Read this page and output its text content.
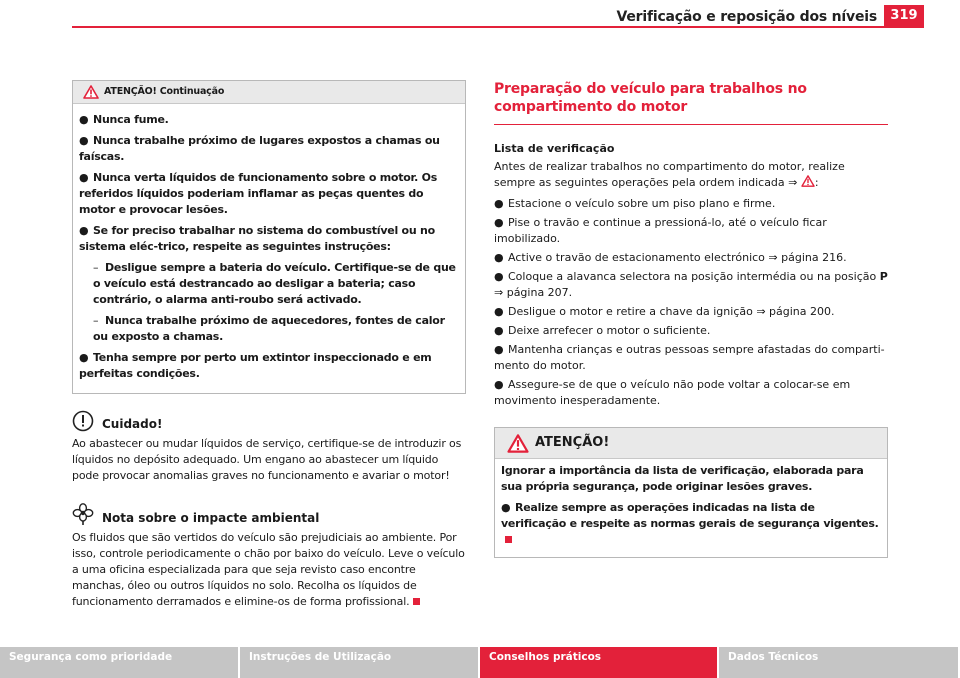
Verificação e reposição dos níveis	319
ATENÇÃO! Continuação

● Nunca fume.

● Nunca trabalhe próximo de lugares expostos a chamas ou faíscas.

● Nunca verta líquidos de funcionamento sobre o motor. Os referidos líquidos poderiam inflamar as peças quentes do motor e provocar lesões.

● Se for preciso trabalhar no sistema do combustível ou no sistema eléc-trico, respeite as seguintes instruções:

– Desligue sempre a bateria do veículo. Certifique-se de que o veículo está destrancado ao desligar a bateria; caso contrário, o alarma anti-roubo será activado.

– Nunca trabalhe próximo de aquecedores, fontes de calor ou exposto a chamas.

● Tenha sempre por perto um extintor inspeccionado e em perfeitas condições.

Cuidado!

Ao abastecer ou mudar líquidos de serviço, certifique-se de introduzir os líquidos no depósito adequado. Um engano ao abastecer um líquido pode provocar anomalias graves no funcionamento e avariar o motor!

Nota sobre o impacte ambiental

Os fluidos que são vertidos do veículo são prejudiciais ao ambiente. Por isso, controle periodicamente o chão por baixo do veículo. Leve o veículo a uma oficina especializada para que seja revisto caso encontre manchas, óleo ou outros líquidos no solo. Recolha os líquidos de funcionamento derramados e elimine-os de forma profissional.

Preparação do veículo para trabalhos no compartimento do motor
Lista de verificação

Antes de realizar trabalhos no compartimento do motor, realize sempre as seguintes operações pela ordem indicada ⇒ :

● Estacione o veículo sobre um piso plano e firme.

● Pise o travão e continue a pressioná-lo, até o veículo ficar imobilizado.

● Active o travão de estacionamento electrónico ⇒ página 216.

● Coloque a alavanca selectora na posição intermédia ou na posição P ⇒ página 207.

● Desligue o motor e retire a chave da ignição ⇒ página 200.

● Deixe arrefecer o motor o suficiente.

● Mantenha crianças e outras pessoas sempre afastadas do comparti-mento do motor.

● Assegure-se de que o veículo não pode voltar a colocar-se em movimento inesperadamente.

ATENÇÃO!

Ignorar a importância da lista de verificação, elaborada para sua própria segurança, pode originar lesões graves.

● Realize sempre as operações indicadas na lista de verificação e respeite as normas gerais de segurança vigentes.

Segurança como prioridade	Instruções de Utilização	Conselhos práticos	Dados Técnicos
